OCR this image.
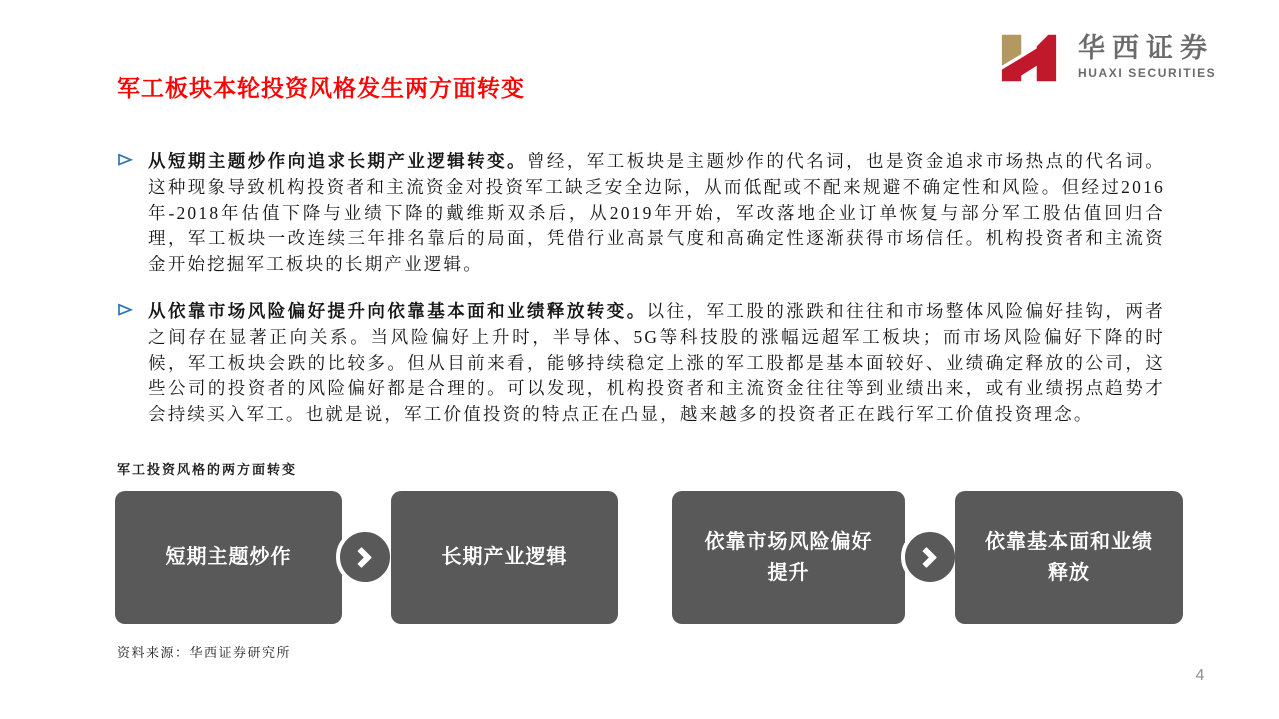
华西证券
HUAXI SECURITIES
军工板块本轮投资风格发生两方面转变

从短期主题炒作向追求长期产业逻辑转变。曾经，军工板块是主题炒作的代名词，也是资金追求市场热点的代名词。这种现象导致机构投资者和主流资金对投资军工缺乏安全边际，从而低配或不配来规避不确定性和风险。但经过2016年-2018年估值下降与业绩下降的戴维斯双杀后，从2019年开始，军改落地企业订单恢复与部分军工股估值回归合理，军工板块一改连续三年排名靠后的局面，凭借行业高景气度和高确定性逐渐获得市场信任。机构投资者和主流资金开始挖掘军工板块的长期产业逻辑。

从依靠市场风险偏好提升向依靠基本面和业绩释放转变。以往，军工股的涨跌和往往和市场整体风险偏好挂钩，两者之间存在显著正向关系。当风险偏好上升时，半导体、5G等科技股的涨幅远超军工板块；而市场风险偏好下降的时候，军工板块会跌的比较多。但从目前来看，能够持续稳定上涨的军工股都是基本面较好、业绩确定释放的公司，这些公司的投资者的风险偏好都是合理的。可以发现，机构投资者和主流资金往往等到业绩出来，或有业绩拐点趋势才会持续买入军工。也就是说，军工价值投资的特点正在凸显，越来越多的投资者正在践行军工价值投资理念。

军工投资风格的两方面转变
短期主题炒作	长期产业逻辑
依靠市场风险偏好提升
依靠基本面和业绩释放
资料来源：华西证券研究所
4
